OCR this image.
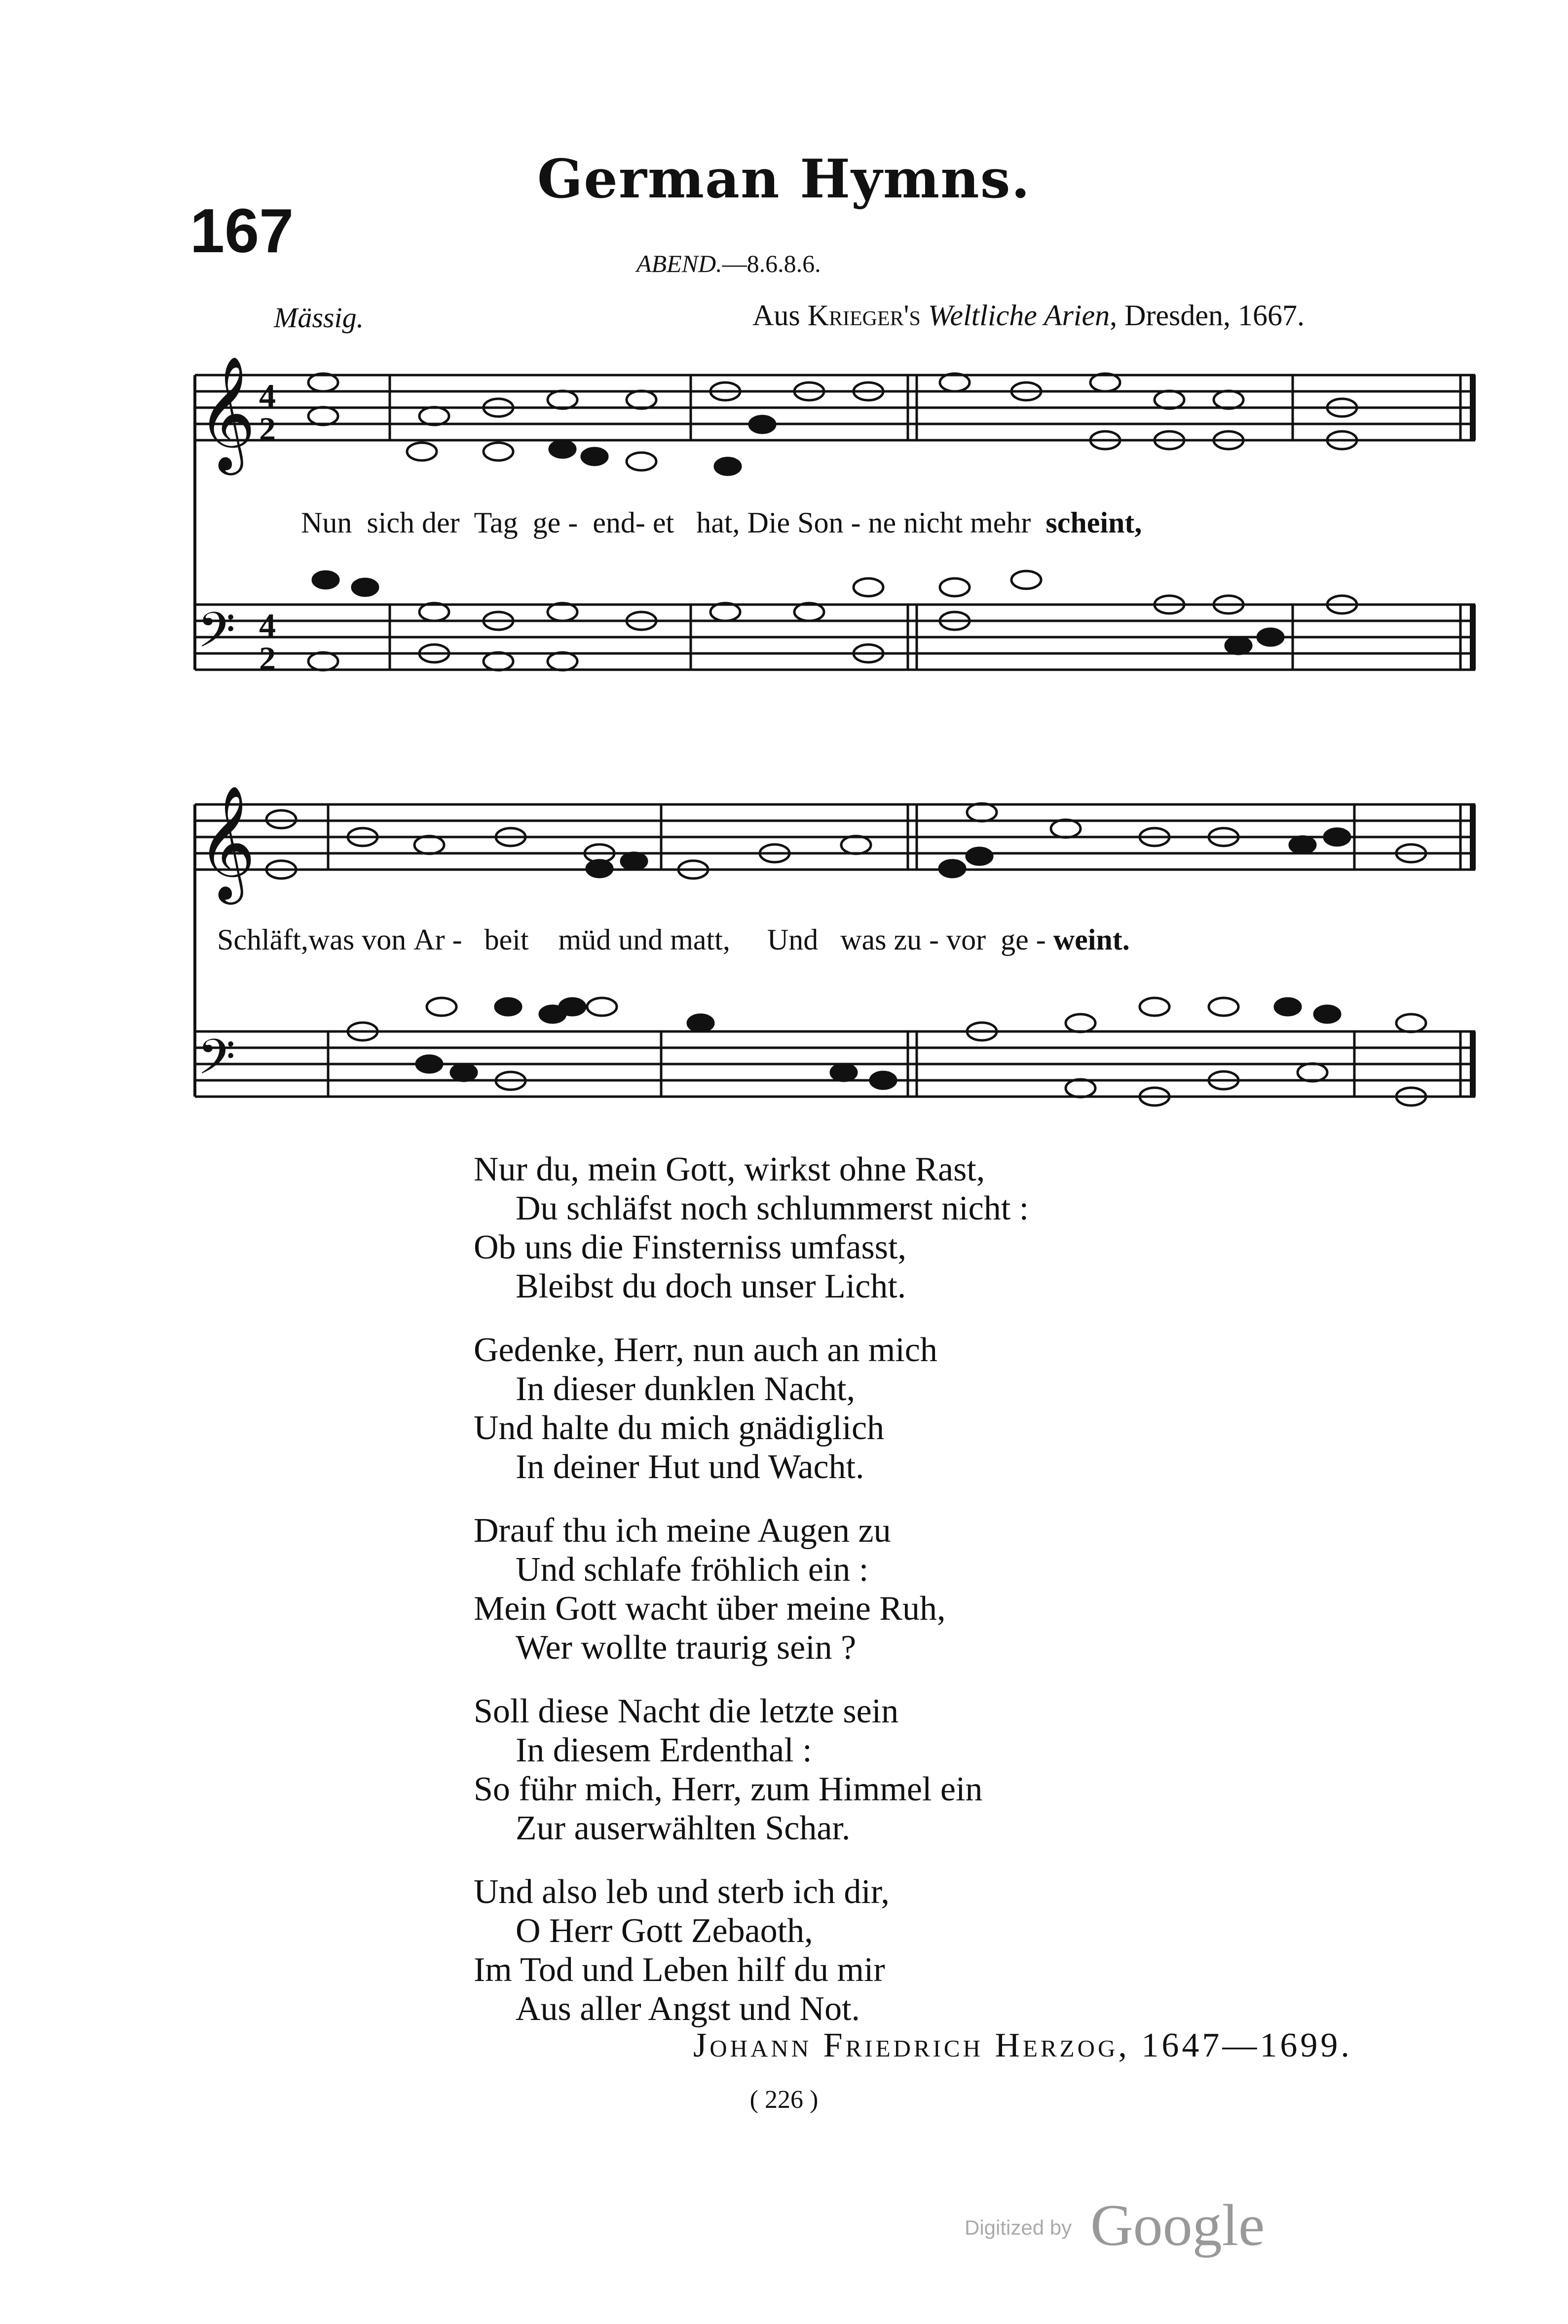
German Hymns.
167	ABEND.—8.6.8.6.
Mässig.	Aus Krieger's Weltliche Arien, Dresden, 1667.
𝄞
𝄢
𝄞
𝄢
4
2
4
2
Nun sich der Tag ge - end- et hat, Die Son - ne nicht mehr scheint,
Schläft,was von Ar - beit müd und matt, Und was zu - vor ge - weint.
Nur du, mein Gott, wirkst ohne Rast,
Du schläfst noch schlummerst nicht :
Ob uns die Finsterniss umfasst,
Bleibst du doch unser Licht.
Gedenke, Herr, nun auch an mich
In dieser dunklen Nacht,
Und halte du mich gnädiglich
In deiner Hut und Wacht.
Drauf thu ich meine Augen zu
Und schlafe fröhlich ein :
Mein Gott wacht über meine Ruh,
Wer wollte traurig sein ?
Soll diese Nacht die letzte sein
In diesem Erdenthal :
So führ mich, Herr, zum Himmel ein
Zur auserwählten Schar.
Und also leb und sterb ich dir,
O Herr Gott Zebaoth,
Im Tod und Leben hilf du mir
Aus aller Angst und Not.
Johann Friedrich Herzog, 1647—1699.
( 226 )
Digitized by Google
